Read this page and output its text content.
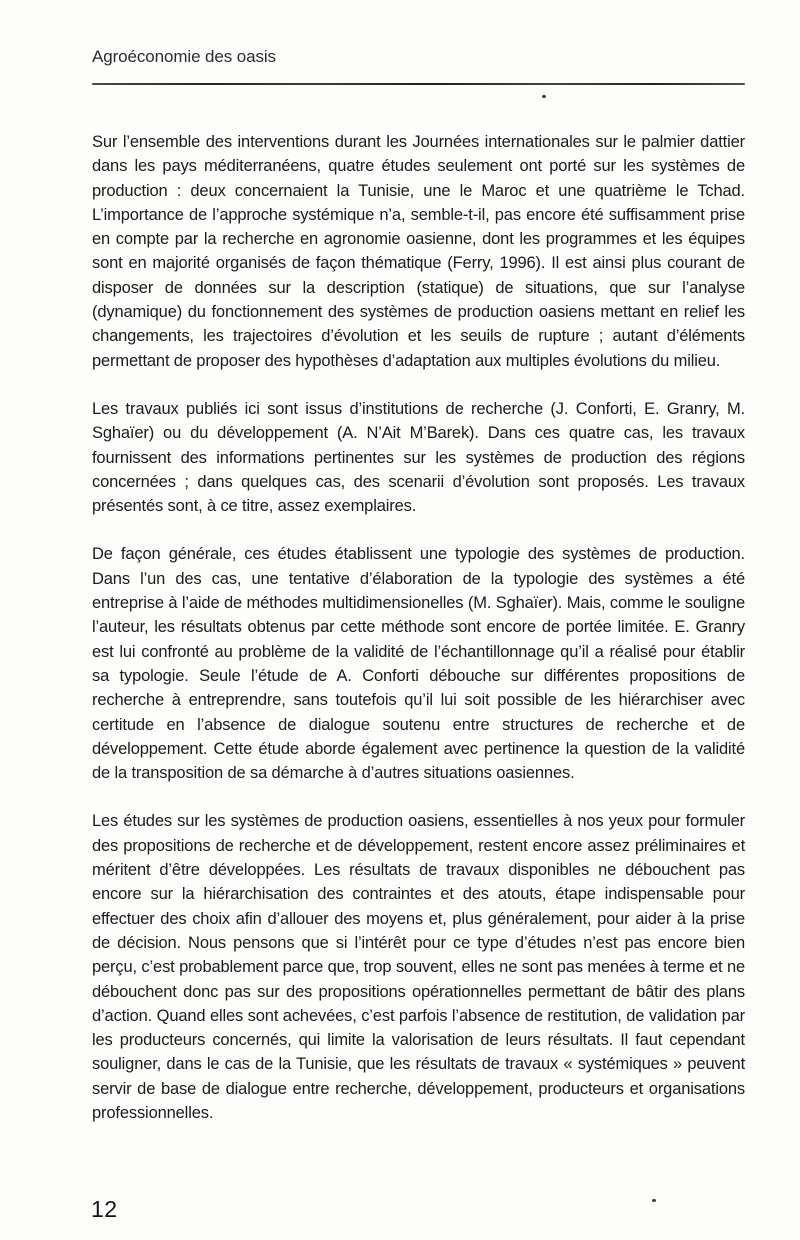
Agroéconomie des oasis

Sur l’ensemble des interventions durant les Journées internationales sur le palmier dattier dans les pays méditerranéens, quatre études seulement ont porté sur les systèmes de production : deux concernaient la Tunisie, une le Maroc et une quatrième le Tchad. L’importance de l’approche systémique n’a, semble-t-il, pas encore été suffisamment prise en compte par la recherche en agronomie oasienne, dont les programmes et les équipes sont en majorité organisés de façon thématique (Ferry, 1996). Il est ainsi plus courant de disposer de données sur la description (statique) de situations, que sur l’analyse (dynamique) du fonctionnement des systèmes de production oasiens mettant en relief les changements, les trajectoires d’évolution et les seuils de rupture ; autant d’éléments permettant de proposer des hypothèses d’adaptation aux multiples évolutions du milieu.

Les travaux publiés ici sont issus d’institutions de recherche (J. Conforti, E. Granry, M. Sghaïer) ou du développement (A. N’Ait M’Barek). Dans ces quatre cas, les travaux fournissent des informations pertinentes sur les systèmes de production des régions concernées ; dans quelques cas, des scenarii d’évolution sont proposés. Les travaux présentés sont, à ce titre, assez exemplaires.

De façon générale, ces études établissent une typologie des systèmes de production. Dans l’un des cas, une tentative d’élaboration de la typologie des systèmes a été entreprise à l’aide de méthodes multidimensionelles (M. Sghaïer). Mais, comme le souligne l’auteur, les résultats obtenus par cette méthode sont encore de portée limitée. E. Granry est lui confronté au problème de la validité de l’échantillonnage qu’il a réalisé pour établir sa typologie. Seule l’étude de A. Conforti débouche sur différentes propositions de recherche à entreprendre, sans toutefois qu’il lui soit possible de les hiérarchiser avec certitude en l’absence de dialogue soutenu entre structures de recherche et de développement. Cette étude aborde également avec pertinence la question de la validité de la transposition de sa démarche à d’autres situations oasiennes.

Les études sur les systèmes de production oasiens, essentielles à nos yeux pour formuler des propositions de recherche et de développement, restent encore assez préliminaires et méritent d’être développées. Les résultats de travaux disponibles ne débouchent pas encore sur la hiérarchisation des contraintes et des atouts, étape indispensable pour effectuer des choix afin d’allouer des moyens et, plus généralement, pour aider à la prise de décision. Nous pensons que si l’intérêt pour ce type d’études n’est pas encore bien perçu, c’est probablement parce que, trop souvent, elles ne sont pas menées à terme et ne débouchent donc pas sur des propositions opérationnelles permettant de bâtir des plans d’action. Quand elles sont achevées, c’est parfois l’absence de restitution, de validation par les producteurs concernés, qui limite la valorisation de leurs résultats. Il faut cependant souligner, dans le cas de la Tunisie, que les résultats de travaux « systémiques » peuvent servir de base de dialogue entre recherche, développement, producteurs et organisations professionnelles.

12
